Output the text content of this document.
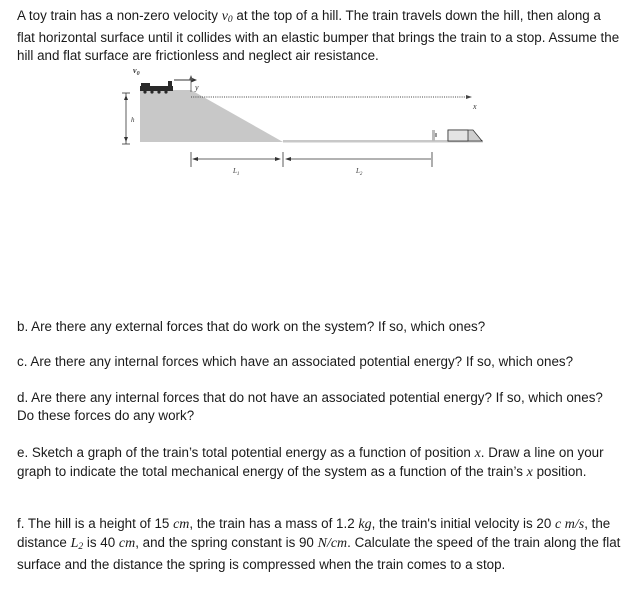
A toy train has a non-zero velocity $v_0$ at the top of a hill. The train travels down the hill, then along a flat horizontal surface until it collides with an elastic bumper that brings the train to a stop. Assume the hill and flat surface are frictionless and neglect air resistance.

h
$v_0$
y
x
$L_1$	$L_2$

b. Are there any external forces that do work on the system? If so, which ones?

c. Are there any internal forces which have an associated potential energy? If so, which ones?

d. Are there any internal forces that do not have an associated potential energy? If so, which ones? Do these forces do any work?

e. Sketch a graph of the train’s total potential energy as a function of position x. Draw a line on your graph to indicate the total mechanical energy of the system as a function of the train’s x position.

f. The hill is a height of 15 cm, the train has a mass of 1.2 kg, the train's initial velocity is 20 c m/s, the distance $L_2$ is 40 cm, and the spring constant is 90 N/cm. Calculate the speed of the train along the flat surface and the distance the spring is compressed when the train comes to a stop.
